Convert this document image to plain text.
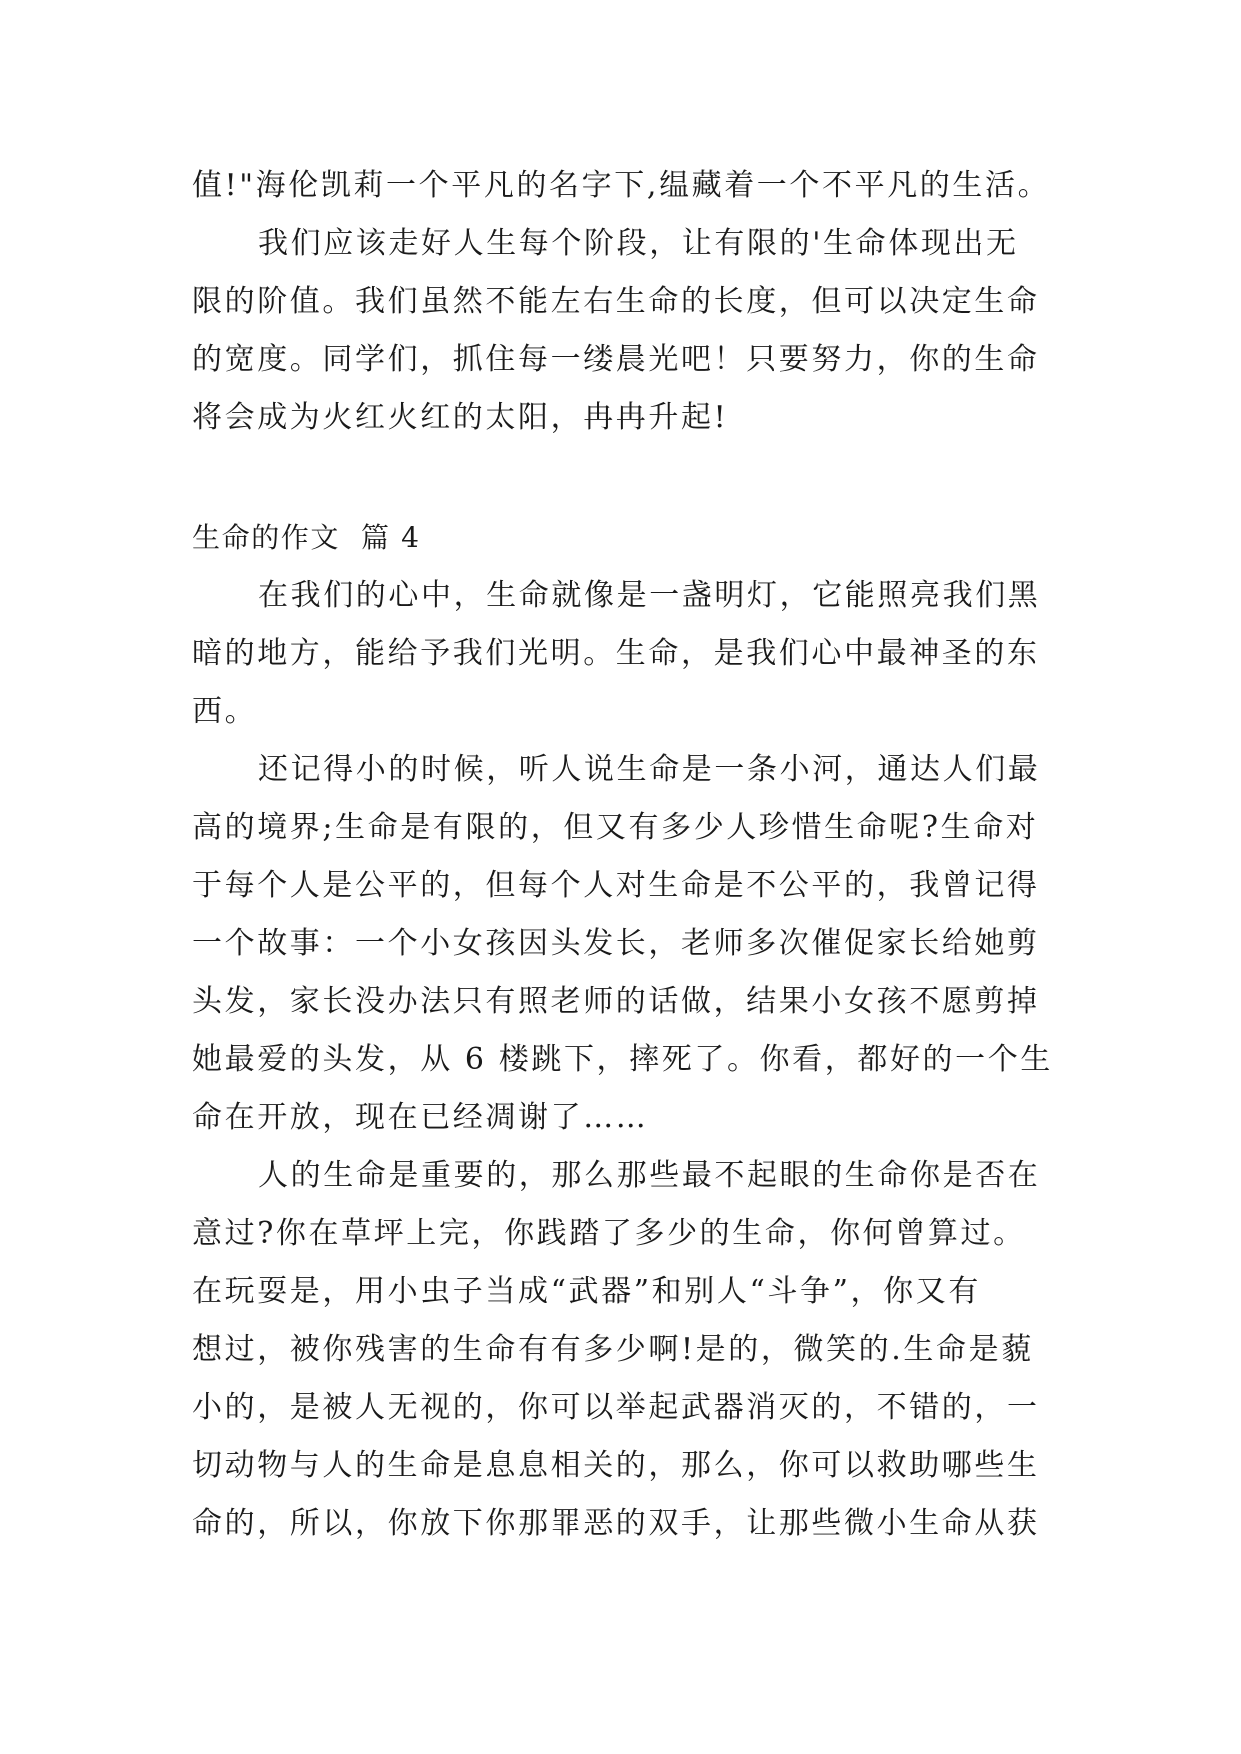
值!"海伦凯莉一个平凡的名字下,缊藏着一个不平凡的生活。
我们应该走好人生每个阶段，让有限的'生命体现出无
限的阶值。我们虽然不能左右生命的长度，但可以决定生命
的宽度。同学们，抓住每一缕晨光吧！只要努力，你的生命
将会成为火红火红的太阳，冉冉升起!
生命的作文  篇 4
在我们的心中，生命就像是一盏明灯，它能照亮我们黑
暗的地方，能给予我们光明。生命，是我们心中最神圣的东
西。
还记得小的时候，听人说生命是一条小河，通达人们最
高的境界;生命是有限的，但又有多少人珍惜生命呢?生命对
于每个人是公平的，但每个人对生命是不公平的，我曾记得
一个故事：一个小女孩因头发长，老师多次催促家长给她剪
头发，家长没办法只有照老师的话做，结果小女孩不愿剪掉
她最爱的头发，从 6 楼跳下，摔死了。你看，都好的一个生
命在开放，现在已经凋谢了……
人的生命是重要的，那么那些最不起眼的生命你是否在
意过?你在草坪上完，你践踏了多少的生命，你何曾算过。
在玩耍是，用小虫子当成“武器”和别人“斗争”，你又有
想过，被你残害的生命有有多少啊!是的，微笑的.生命是藐
小的，是被人无视的，你可以举起武器消灭的，不错的，一
切动物与人的生命是息息相关的，那么，你可以救助哪些生
命的，所以，你放下你那罪恶的双手，让那些微小生命从获
